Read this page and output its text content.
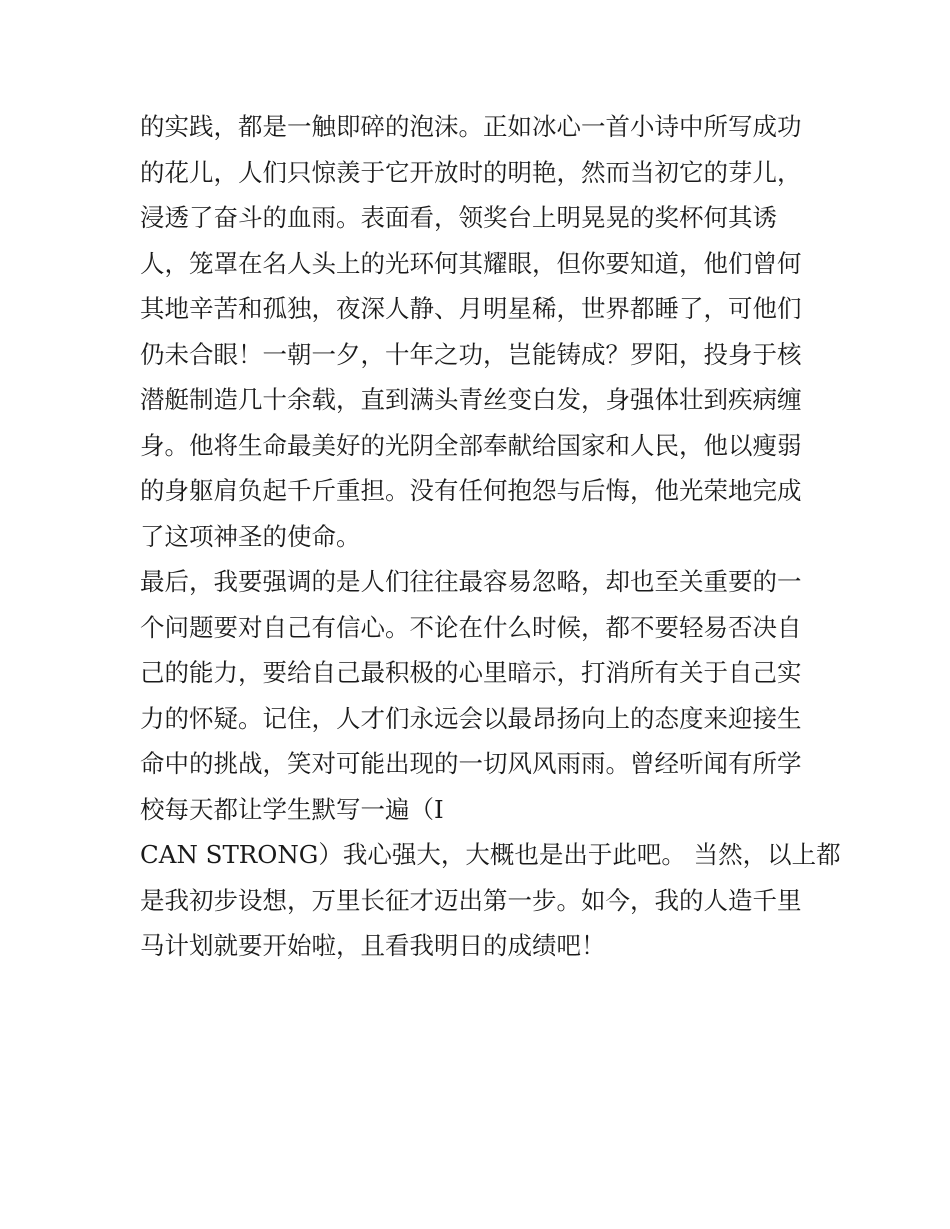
的实践，都是一触即碎的泡沫。正如冰心一首小诗中所写成功
的花儿，人们只惊羡于它开放时的明艳，然而当初它的芽儿，
浸透了奋斗的血雨。表面看，领奖台上明晃晃的奖杯何其诱
人，笼罩在名人头上的光环何其耀眼，但你要知道，他们曾何
其地辛苦和孤独，夜深人静、月明星稀，世界都睡了，可他们
仍未合眼！一朝一夕，十年之功，岂能铸成？罗阳，投身于核
潜艇制造几十余载，直到满头青丝变白发，身强体壮到疾病缠
身。他将生命最美好的光阴全部奉献给国家和人民，他以瘦弱
的身躯肩负起千斤重担。没有任何抱怨与后悔，他光荣地完成
了这项神圣的使命。
最后，我要强调的是人们往往最容易忽略，却也至关重要的一
个问题要对自己有信心。不论在什么时候，都不要轻易否决自
己的能力，要给自己最积极的心里暗示，打消所有关于自己实
力的怀疑。记住，人才们永远会以最昂扬向上的态度来迎接生
命中的挑战，笑对可能出现的一切风风雨雨。曾经听闻有所学
校每天都让学生默写一遍（I
CAN STRONG）我心强大，大概也是出于此吧。 当然，以上都
是我初步设想，万里长征才迈出第一步。如今，我的人造千里
马计划就要开始啦，且看我明日的成绩吧！
